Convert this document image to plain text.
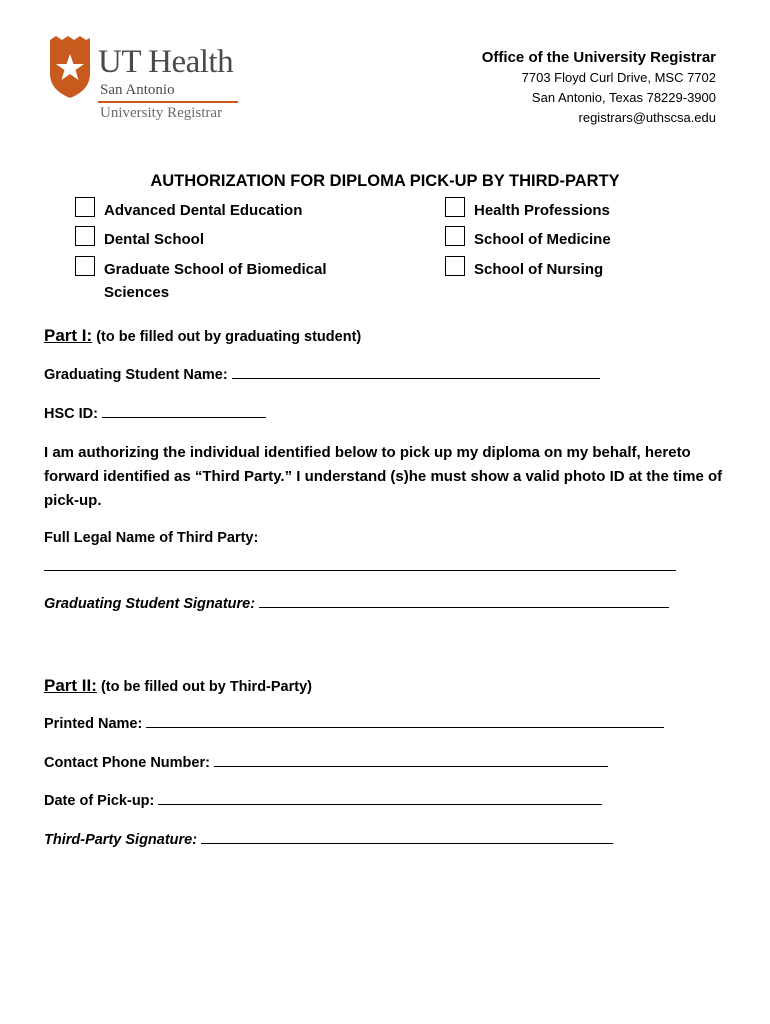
UT Health
San Antonio
University Registrar
Office of the University Registrar
7703 Floyd Curl Drive, MSC 7702
San Antonio, Texas 78229-3900
registrars@uthscsa.edu
AUTHORIZATION FOR DIPLOMA PICK-UP BY THIRD-PARTY
Advanced Dental Education
Dental School
Graduate School of Biomedical Sciences
Health Professions
School of Medicine
School of Nursing
Part I: (to be filled out by graduating student)
Graduating Student Name:
HSC ID:
I am authorizing the individual identified below to pick up my diploma on my behalf, hereto forward identified as “Third Party.” I understand (s)he must show a valid photo ID at the time of pick-up.
Full Legal Name of Third Party:
Graduating Student Signature:
Part II: (to be filled out by Third-Party)
Printed Name:
Contact Phone Number:
Date of Pick-up:
Third-Party Signature:
